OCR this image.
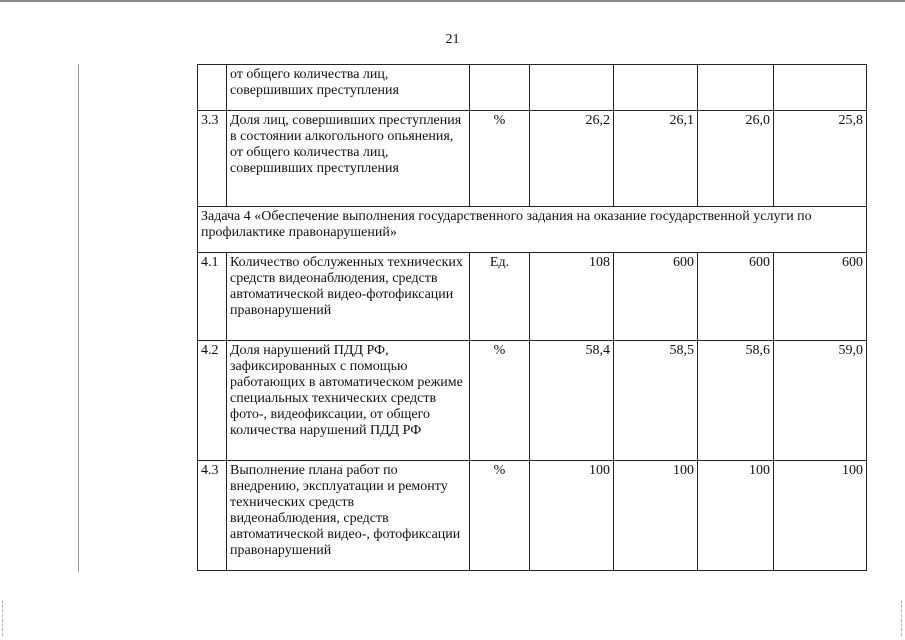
21
	от общего количества лиц, совершивших преступления					
3.3	Доля лиц, совершивших преступления в состоянии алкогольного опьянения, от общего количества лиц, совершивших преступления	%	26,2	26,1	26,0	25,8
Задача 4 «Обеспечение выполнения государственного задания на оказание государственной услуги по профилактике правонарушений»						
4.1	Количество обслуженных технических средств видеонаблюдения, средств автоматической видео-фотофиксации правонарушений	Ед.	108	600	600	600
4.2	Доля нарушений ПДД РФ, зафиксированных с помощью работающих в автоматическом режиме специальных технических средств фото-, видеофиксации, от общего количества нарушений ПДД РФ	%	58,4	58,5	58,6	59,0
4.3	Выполнение плана работ по внедрению, эксплуатации и ремонту технических средств видеонаблюдения, средств автоматической видео-, фотофиксации правонарушений	%	100	100	100	100
